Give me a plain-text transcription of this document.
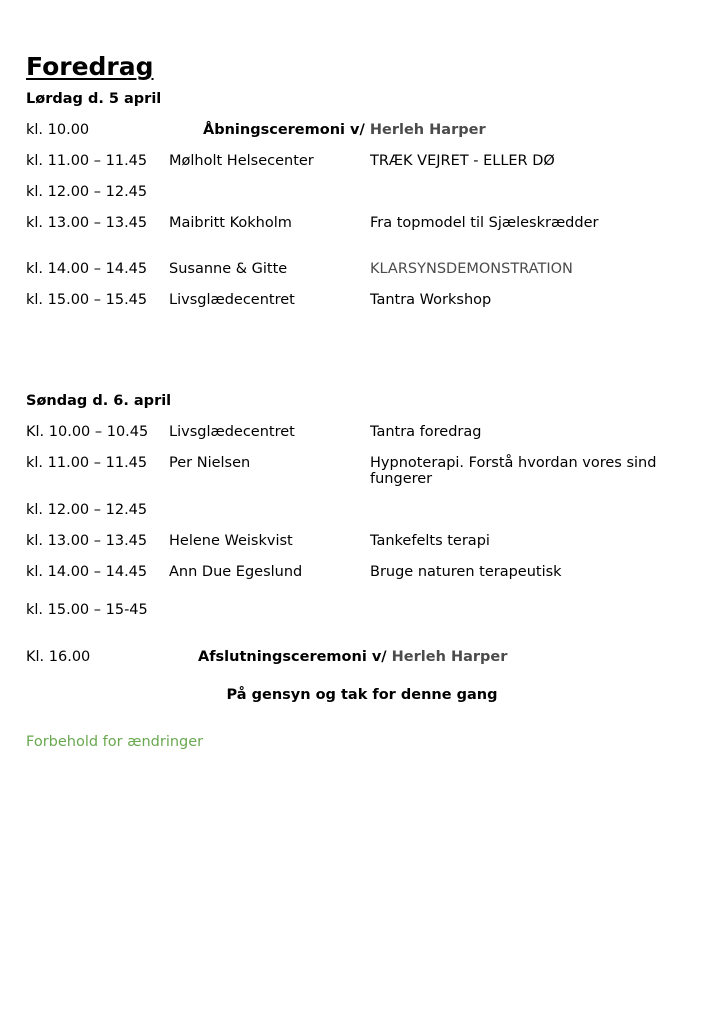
Foredrag
Lørdag d. 5 april
kl. 10.00	Åbningsceremoni v/ Herleh Harper
kl. 11.00 – 11.45 Mølholt Helsecenter	TRÆK VEJRET - ELLER DØ
kl. 12.00 – 12.45
kl. 13.00 – 13.45 Maibritt Kokholm	Fra topmodel til Sjæleskrædder
kl. 14.00 – 14.45 Susanne & Gitte	KLARSYNSDEMONSTRATION
kl. 15.00 – 15.45 Livsglædecentret	Tantra Workshop
Søndag d. 6. april
Kl. 10.00 – 10.45 Livsglædecentret	Tantra foredrag
kl. 11.00 – 11.45 Per Nielsen	Hypnoterapi. Forstå hvordan vores sind fungerer
kl. 12.00 – 12.45
kl. 13.00 – 13.45 Helene Weiskvist	Tankefelts terapi
kl. 14.00 – 14.45 Ann Due Egeslund	Bruge naturen terapeutisk
kl. 15.00 – 15-45
Kl. 16.00	Afslutningsceremoni v/ Herleh Harper
På gensyn og tak for denne gang
Forbehold for ændringer
